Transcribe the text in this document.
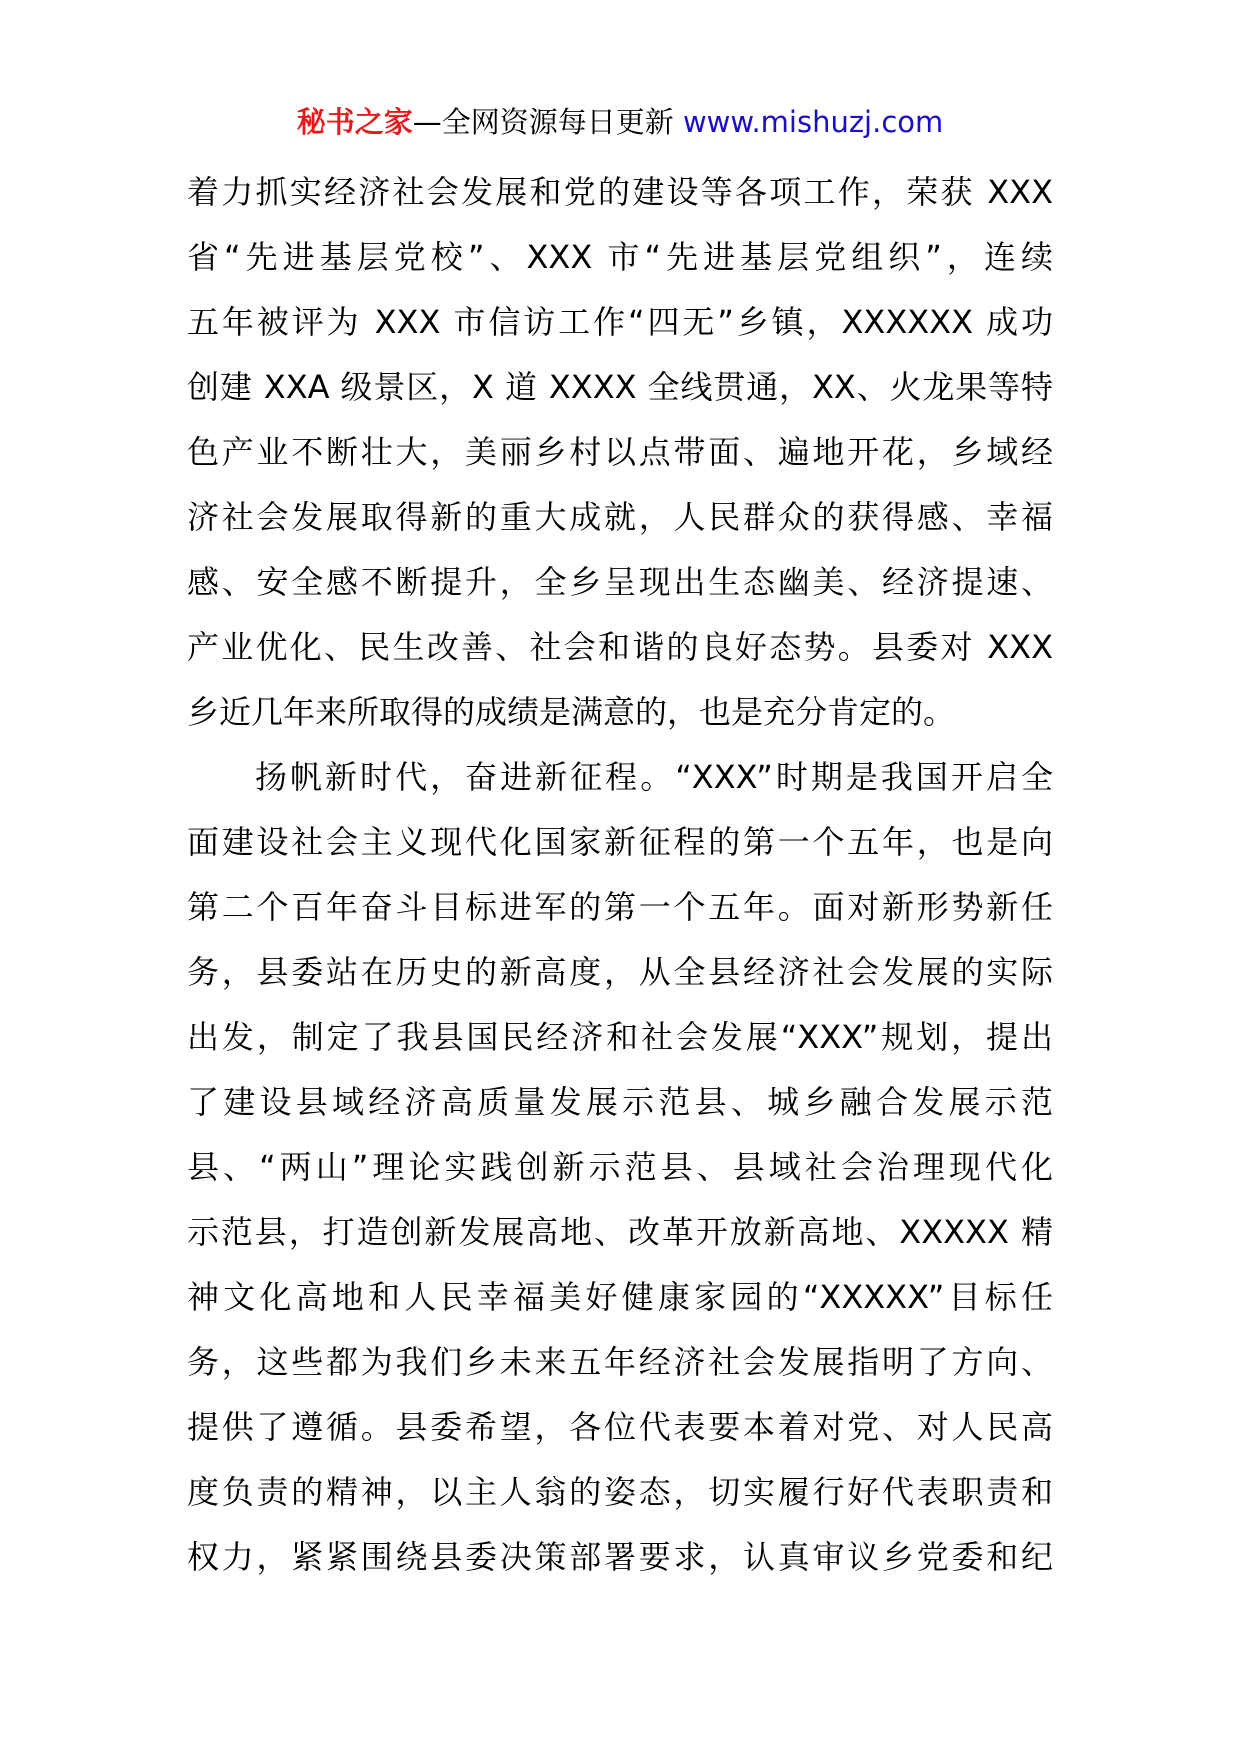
秘书之家—全网资源每日更新 www.mishuzj.com
着力抓实经济社会发展和党的建设等各项工作，荣获 XXX
省“先进基层党校”、XXX 市“先进基层党组织”，连续
五年被评为 XXX 市信访工作“四无”乡镇，XXXXXX 成功
创建 XXA 级景区，X 道 XXXX 全线贯通，XX、火龙果等特
色产业不断壮大，美丽乡村以点带面、遍地开花，乡域经
济社会发展取得新的重大成就，人民群众的获得感、幸福
感、安全感不断提升，全乡呈现出生态幽美、经济提速、
产业优化、民生改善、社会和谐的良好态势。县委对 XXX
乡近几年来所取得的成绩是满意的，也是充分肯定的。
扬帆新时代，奋进新征程。“XXX”时期是我国开启全
面建设社会主义现代化国家新征程的第一个五年，也是向
第二个百年奋斗目标进军的第一个五年。面对新形势新任
务，县委站在历史的新高度，从全县经济社会发展的实际
出发，制定了我县国民经济和社会发展“XXX”规划，提出
了建设县域经济高质量发展示范县、城乡融合发展示范
县、“两山”理论实践创新示范县、县域社会治理现代化
示范县，打造创新发展高地、改革开放新高地、XXXXX 精
神文化高地和人民幸福美好健康家园的“XXXXX”目标任
务，这些都为我们乡未来五年经济社会发展指明了方向、
提供了遵循。县委希望，各位代表要本着对党、对人民高
度负责的精神，以主人翁的姿态，切实履行好代表职责和
权力，紧紧围绕县委决策部署要求，认真审议乡党委和纪
